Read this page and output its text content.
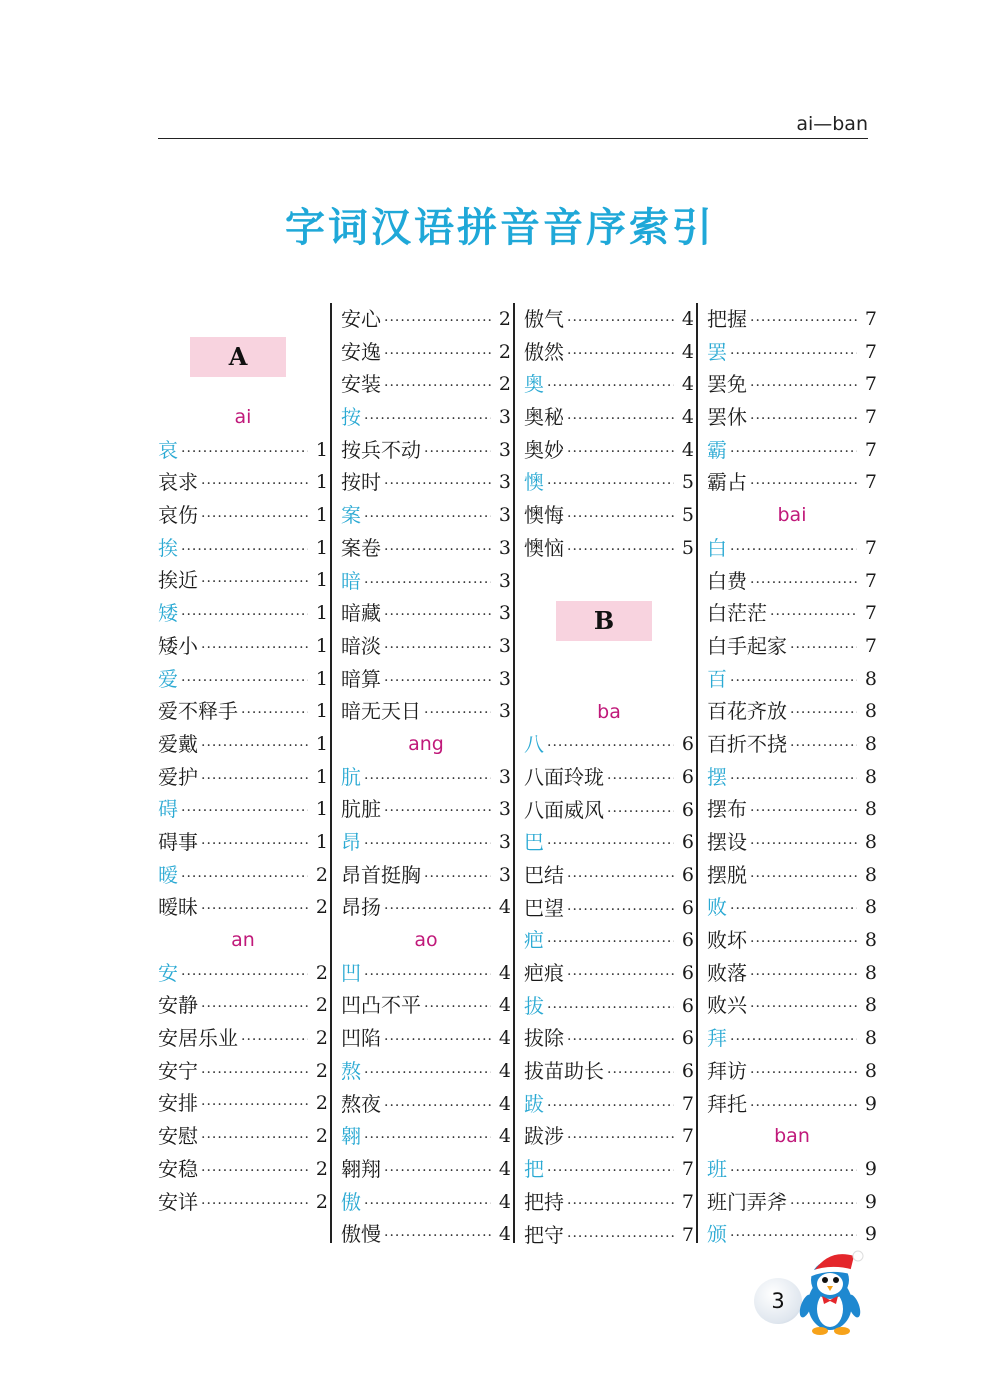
ai—ban
字词汉语拼音音序索引
A
ai
哀 ·····	1
哀求 ·····	1
哀伤 ·····	1
挨 ·····	1
挨近 ·····	1
矮 ·····	1
矮小 ·····	1
爱 ·····	1
爱不释手 ·····	1
爱戴 ·····	1
爱护 ·····	1
碍 ·····	1
碍事 ·····	1
暧 ·····	2
暧昧 ·····	2
an
安 ·····	2
安静 ·····	2
安居乐业 ·····	2
安宁 ·····	2
安排 ·····	2
安慰 ·····	2
安稳 ·····	2
安详 ·····	2
安心 ·····	2
安逸 ·····	2
安装 ·····	2
按 ·····	3
按兵不动 ·····	3
按时 ·····	3
案 ·····	3
案卷 ·····	3
暗 ·····	3
暗藏 ·····	3
暗淡 ·····	3
暗算 ·····	3
暗无天日 ·····	3
ang
肮 ·····	3
肮脏 ·····	3
昂 ·····	3
昂首挺胸 ·····	3
昂扬 ·····	4
ao
凹 ·····	4
凹凸不平 ·····	4
凹陷 ·····	4
熬 ·····	4
熬夜 ·····	4
翱 ·····	4
翱翔 ·····	4
傲 ·····	4
傲慢 ·····	4
傲气 ·····	4
傲然 ·····	4
奥 ·····	4
奥秘 ·····	4
奥妙 ·····	4
懊 ·····	5
懊悔 ·····	5
懊恼 ·····	5
B
ba
八 ·····	6
八面玲珑 ·····	6
八面威风 ·····	6
巴 ·····	6
巴结 ·····	6
巴望 ·····	6
疤 ·····	6
疤痕 ·····	6
拔 ·····	6
拔除 ·····	6
拔苗助长 ·····	6
跋 ·····	7
跋涉 ·····	7
把 ·····	7
把持 ·····	7
把守 ·····	7
把握 ·····	7
罢 ·····	7
罢免 ·····	7
罢休 ·····	7
霸 ·····	7
霸占 ·····	7
bai
白 ·····	7
白费 ·····	7
白茫茫 ·····	7
白手起家 ·····	7
百 ·····	8
百花齐放 ·····	8
百折不挠 ·····	8
摆 ·····	8
摆布 ·····	8
摆设 ·····	8
摆脱 ·····	8
败 ·····	8
败坏 ·····	8
败落 ·····	8
败兴 ·····	8
拜 ·····	8
拜访 ·····	8
拜托 ·····	9
ban
班 ·····	9
班门弄斧 ·····	9
颁 ·····	9
3
